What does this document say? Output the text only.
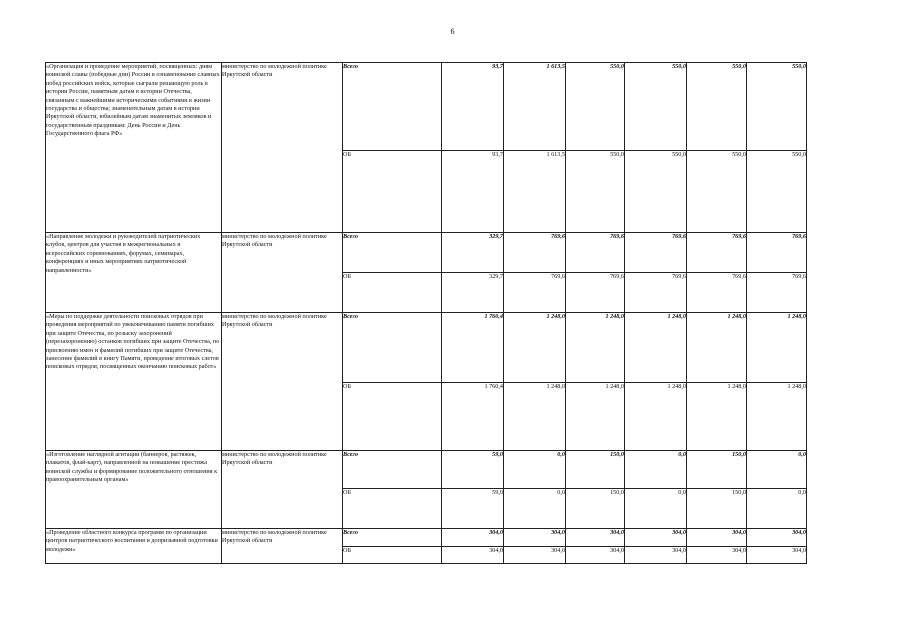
6
«Организация и проведение мероприятий, посвященных: дням воинской славы (победные дни) России в ознаменование славных побед российских войск, которые сыграли решающую роль в истории России, памятным датам в истории Отечества, связанным с важнейшими историческими событиями в жизни государства и общества; знаменательным датам в истории Иркутской области, юбилейным датам знаменитых земляков и государственным праздникам: День России и День Государственного флага РФ»	министерство по молодежной политике Иркутской области	Всего	93,7	1 613,5	550,0	550,0	550,0	550,0
		ОБ	93,7	1 613,5	550,0	550,0	550,0	550,0
«Направление молодежи и руководителей патриотических клубов, центров для участия в межрегиональных и всероссийских соревнованиях, форумах, семинарах, конференциях и иных мероприятиях патриотической направленности»	министерство по молодежной политике Иркутской области	Всего	329,7	769,6	769,6	769,6	769,6	769,6
		ОБ	329,7	769,6	769,6	769,6	769,6	769,6
«Меры по поддержке деятельности поисковых отрядов при проведения мероприятий по увековечиванию памяти погибших при защите Отечества, по розыску захоронений (перезахоронению) останков погибших при защите Отечества, по присвоению имен и фамилий погибших при защите Отечества, занесение фамилий в книгу Памяти, проведение итоговых слетов поисковых отрядов, посвященных окончанию поисковых работ»	министерство по молодежной политике Иркутской области	Всего	1 760,4	1 248,0	1 248,0	1 248,0	1 248,0	1 248,0
		ОБ	1 760,4	1 248,0	1 248,0	1 248,0	1 248,0	1 248,0
«Изготовление наглядной агитации (баннеров, растяжек, плакатов, флай-карт), направленной на повышение престижа воинской службы и формирование положительного отношения к правоохранительным органам»	министерство по молодежной политике Иркутской области	Всего	59,0	0,0	150,0	0,0	150,0	0,0
		ОБ	59,0	0,0	150,0	0,0	150,0	0,0
«Проведение областного конкурса программ по организации центров патриотического воспитания и допризывной подготовки молодежи»	министерство по молодежной политике Иркутской области	Всего	304,0	304,0	304,0	304,0	304,0	304,0
		ОБ	304,0	304,0	304,0	304,0	304,0	304,0
